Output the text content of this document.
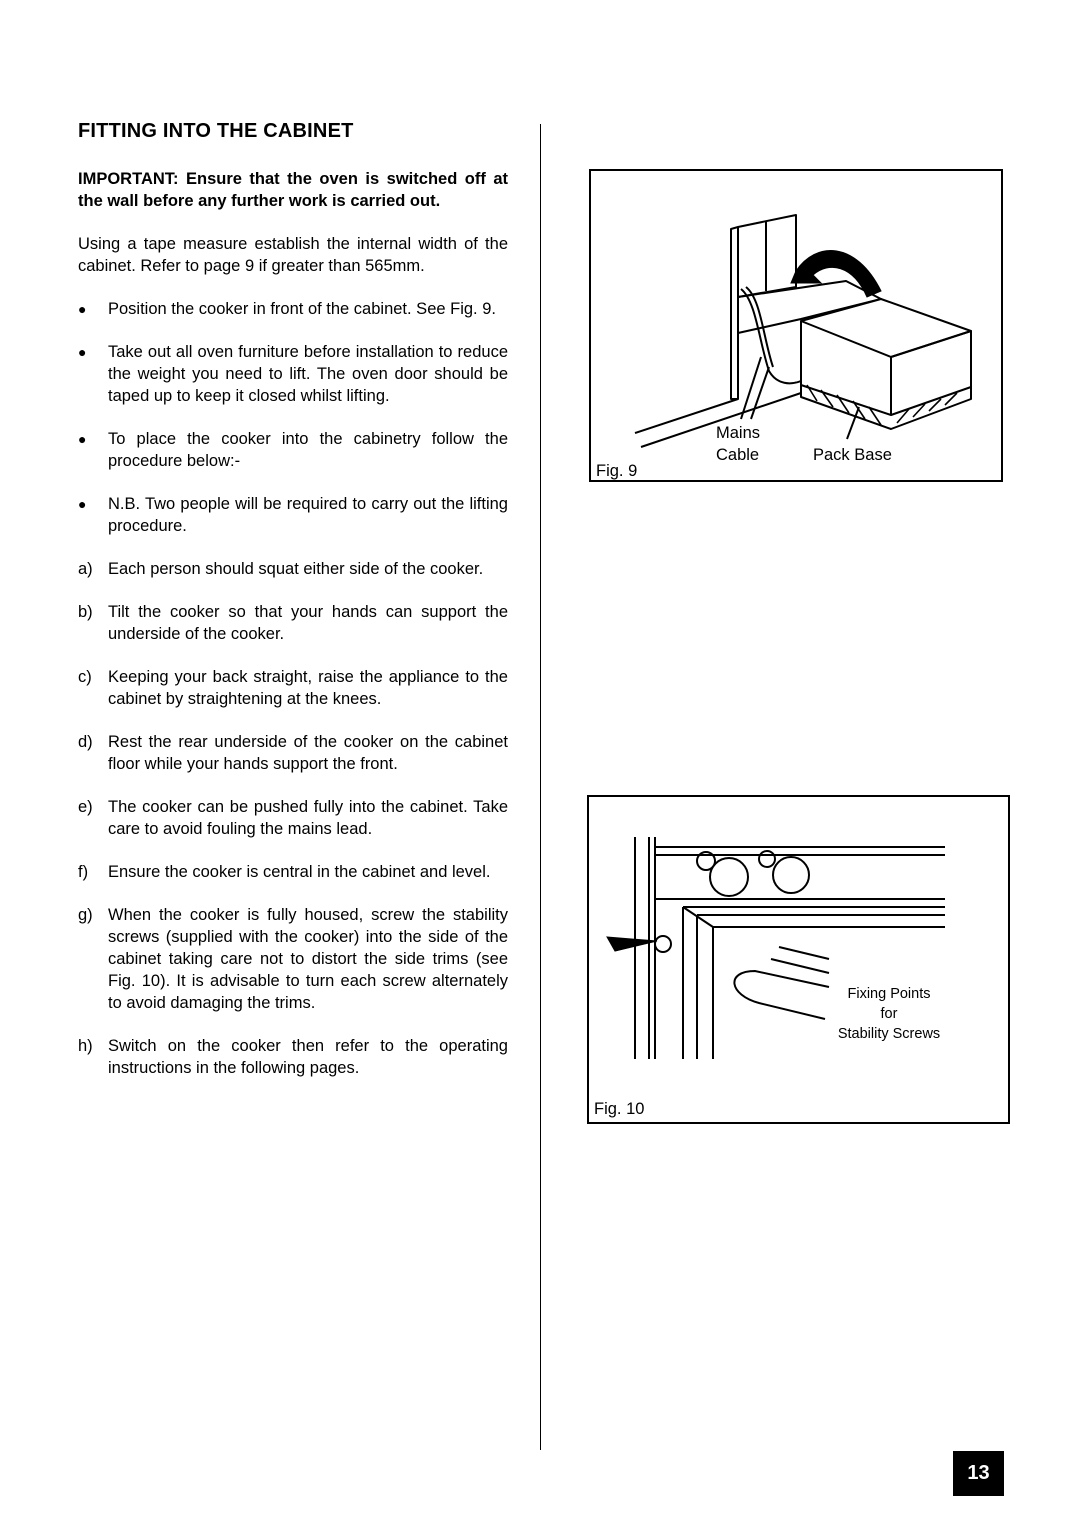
FITTING INTO THE CABINET

IMPORTANT: Ensure that the oven is switched off at the wall before any further work is carried out.

Using a tape measure establish the internal width of the cabinet. Refer to page 9 if greater than 565mm.

●	Position the cooker in front of the cabinet. See Fig. 9.
●	Take out all oven furniture before installation to reduce the weight you need to lift. The oven door should be taped up to keep it closed whilst lifting.
●	To place the cooker into the cabinetry follow the procedure below:-
●	N.B. Two people will be required to carry out the lifting procedure.
a) Each person should squat either side of the cooker.
b) Tilt the cooker so that your hands can support the underside of the cooker.
c) Keeping your back straight, raise the appliance to the cabinet by straightening at the knees.
d) Rest the rear underside of the cooker on the cabinet floor while your hands support the front.
e) The cooker can be pushed fully into the cabinet. Take care to avoid fouling the mains lead.
f)	Ensure the cooker is central in the cabinet and level.
g) When the cooker is fully housed, screw the stability screws (supplied with the cooker) into the side of the cabinet taking care not to distort the side trims (see Fig. 10). It is advisable to turn each screw alternately to avoid damaging the trims.
h) Switch on the cooker then refer to the operating instructions in the following pages.
Mains
Cable	Pack Base
Fig. 9
Fixing Points
for
Stability Screws
Fig. 10
13
